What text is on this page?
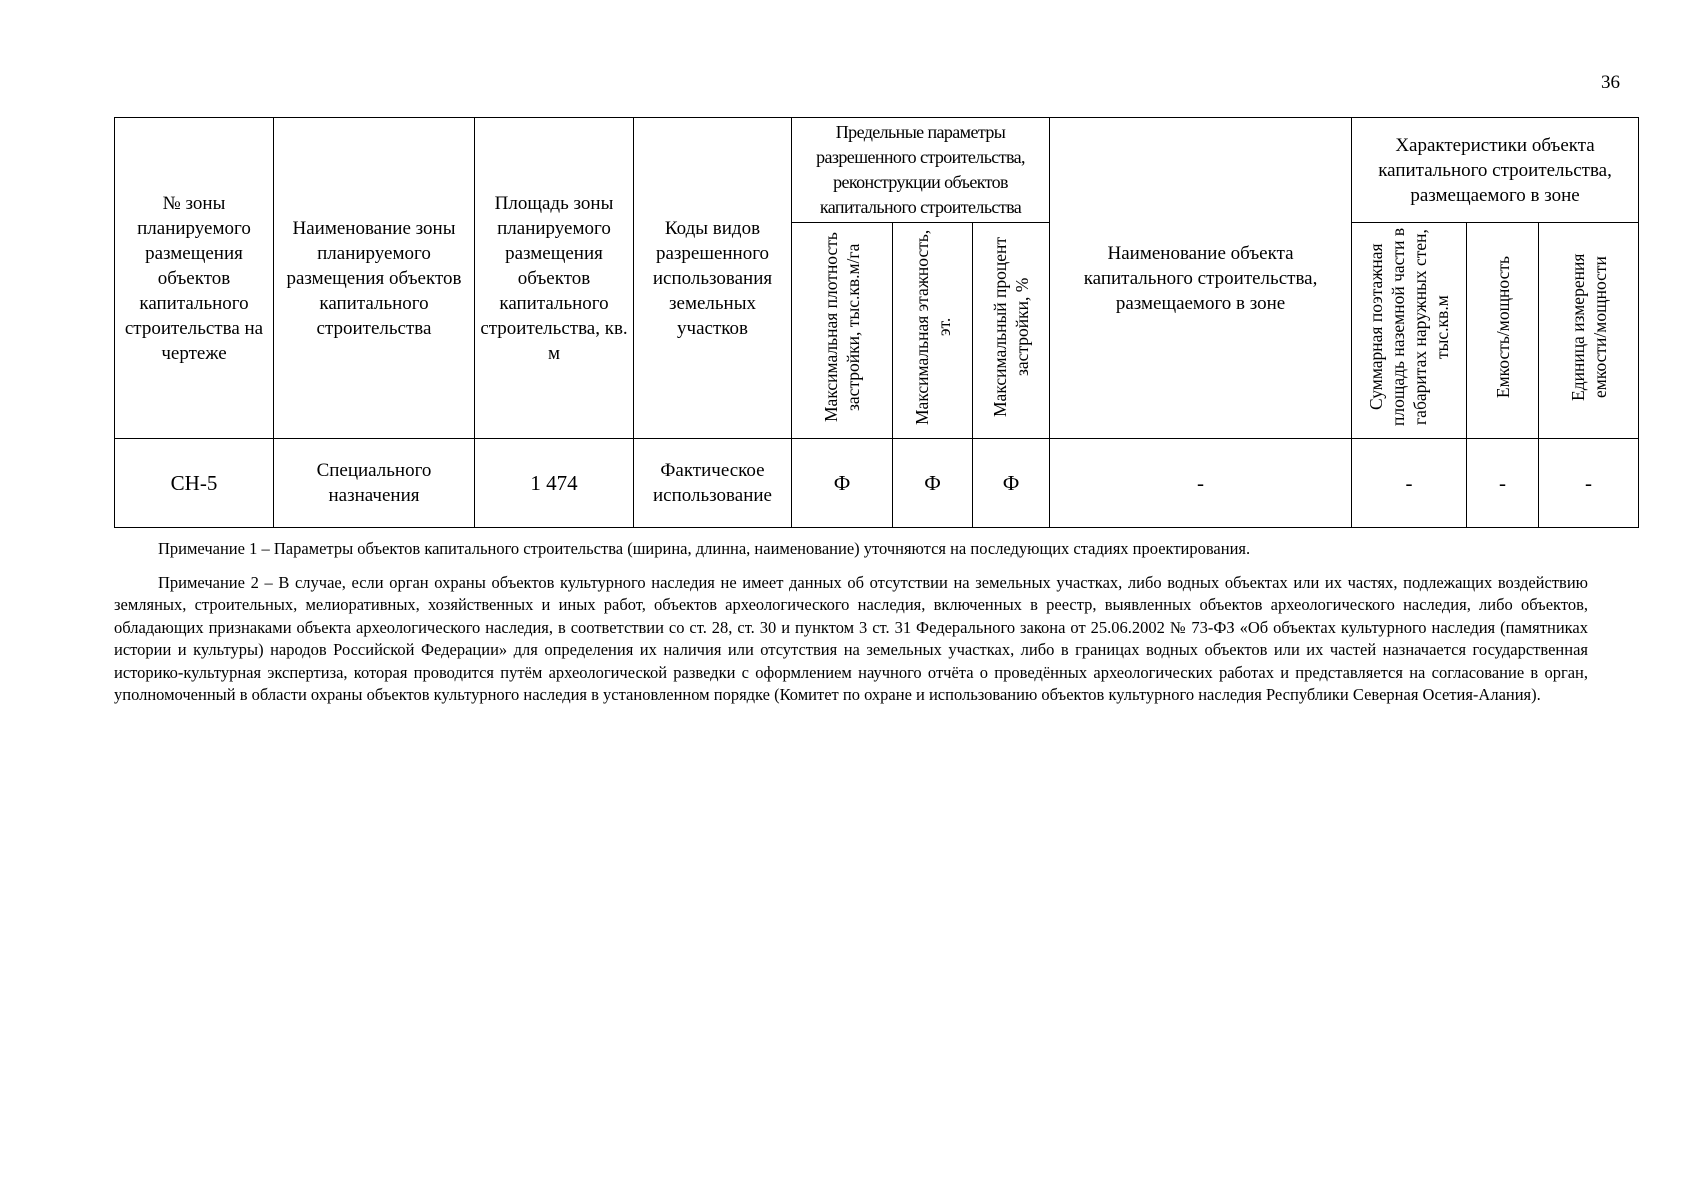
36
№ зоны планируемого размещения объектов капитального строительства на чертеже	Наименование зоны планируемого размещения объектов капитального строительства	Площадь зоны планируемого размещения объектов капитального строительства, кв. м	Коды видов разрешенного использования земельных участков	Предельные параметры разрешенного строительства, реконструкции объектов капитального строительства			Наименование объекта капитального строительства, размещаемого в зоне	Характеристики объекта капитального строительства, размещаемого в зоне		
				Максимальная плотность застройки, тыс.кв.м/га	Максимальная этажность, эт.	Максимальный процент застройки, %		Суммарная поэтажная площадь наземной части в габаритах наружных стен, тыс.кв.м	Емкость/мощность	Единица измерения емкости/мощности
СН-5	Специального назначения	1 474	Фактическое использование	Ф	Ф	Ф	-	-	-	-

Примечание 1 – Параметры объектов капитального строительства (ширина, длинна, наименование) уточняются на последующих стадиях проектирования.

Примечание 2 – В случае, если орган охраны объектов культурного наследия не имеет данных об отсутствии на земельных участках, либо водных объектах или их частях, подлежащих воздействию земляных, строительных, мелиоративных, хозяйственных и иных работ, объектов археологического наследия, включенных в реестр, выявленных объектов археологического наследия, либо объектов, обладающих признаками объекта археологического наследия, в соответствии со ст. 28, ст. 30 и пунктом 3 ст. 31 Федерального закона от 25.06.2002 № 73-ФЗ «Об объектах культурного наследия (памятниках истории и культуры) народов Российской Федерации» для определения их наличия или отсутствия на земельных участках, либо в границах водных объектов или их частей назначается государственная историко-культурная экспертиза, которая проводится путём археологической разведки с оформлением научного отчёта о проведённых археологических работах и представляется на согласование в орган, уполномоченный в области охраны объектов культурного наследия в установленном порядке (Комитет по охране и использованию объектов культурного наследия Республики Северная Осетия-Алания).
